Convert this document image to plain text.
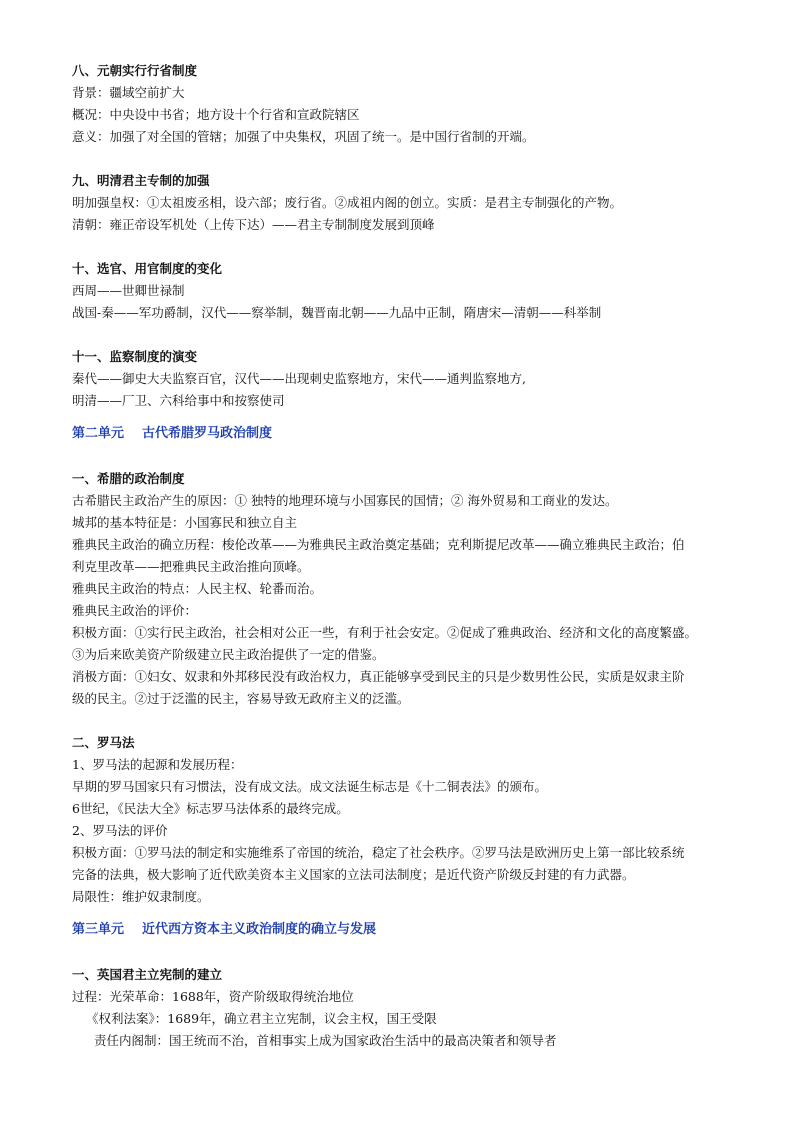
八、元朝实行行省制度
背景：疆域空前扩大
概况：中央设中书省；地方设十个行省和宣政院辖区
意义：加强了对全国的管辖；加强了中央集权，巩固了统一。是中国行省制的开端。
九、明清君主专制的加强
明加强皇权：①太祖废丞相，设六部；废行省。②成祖内阁的创立。实质：是君主专制强化的产物。
清朝：雍正帝设军机处（上传下达）——君主专制制度发展到顶峰
十、选官、用官制度的变化
西周——世卿世禄制
战国-秦——军功爵制，汉代——察举制，魏晋南北朝——九品中正制，隋唐宋—清朝——科举制
十一、监察制度的演变
秦代——御史大夫监察百官，汉代——出现刺史监察地方，宋代——通判监察地方,
明清——厂卫、六科给事中和按察使司
第二单元 古代希腊罗马政治制度
一、希腊的政治制度
古希腊民主政治产生的原因：① 独特的地理环境与小国寡民的国情；② 海外贸易和工商业的发达。
城邦的基本特征是：小国寡民和独立自主
雅典民主政治的确立历程：梭伦改革——为雅典民主政治奠定基础；克利斯提尼改革——确立雅典民主政治；伯
利克里改革——把雅典民主政治推向顶峰。
雅典民主政治的特点：人民主权、轮番而治。
雅典民主政治的评价：
积极方面：①实行民主政治，社会相对公正一些，有利于社会安定。②促成了雅典政治、经济和文化的高度繁盛。
③为后来欧美资产阶级建立民主政治提供了一定的借鉴。
消极方面：①妇女、奴隶和外邦移民没有政治权力，真正能够享受到民主的只是少数男性公民，实质是奴隶主阶
级的民主。②过于泛滥的民主，容易导致无政府主义的泛滥。
二、罗马法
1、罗马法的起源和发展历程：
早期的罗马国家只有习惯法，没有成文法。成文法诞生标志是《十二铜表法》的颁布。
6世纪，《民法大全》标志罗马法体系的最终完成。
2、罗马法的评价
积极方面：①罗马法的制定和实施维系了帝国的统治，稳定了社会秩序。②罗马法是欧洲历史上第一部比较系统
完备的法典，极大影响了近代欧美资本主义国家的立法司法制度；是近代资产阶级反封建的有力武器。
局限性：维护奴隶制度。
第三单元 近代西方资本主义政治制度的确立与发展
一、英国君主立宪制的建立
过程：光荣革命：1688年，资产阶级取得统治地位
《权利法案》：1689年，确立君主立宪制，议会主权，国王受限
责任内阁制：国王统而不治，首相事实上成为国家政治生活中的最高决策者和领导者
